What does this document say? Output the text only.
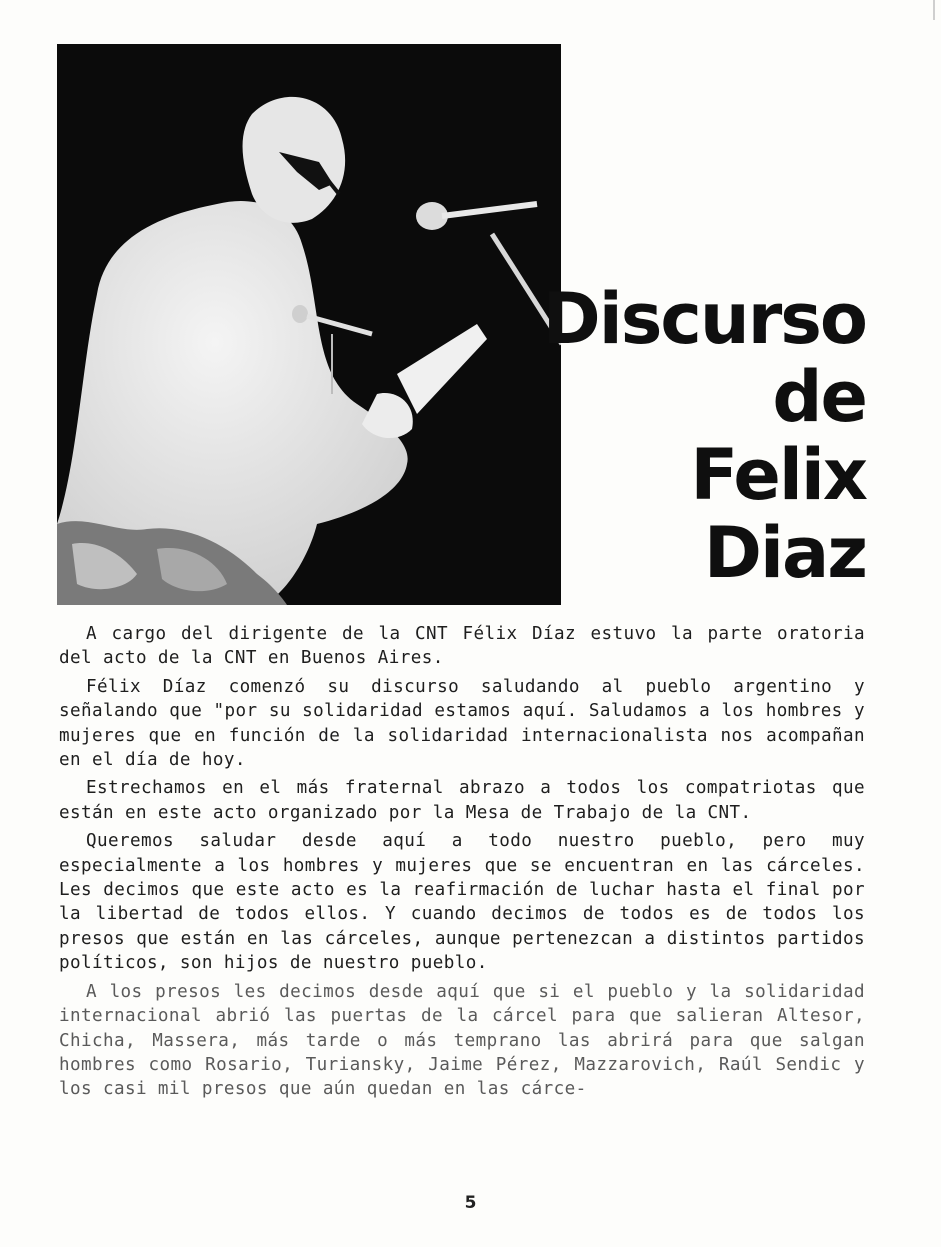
Discurso
de
Felix
Diaz

A cargo del dirigente de la CNT Félix Díaz estuvo la parte oratoria del acto de la CNT en Buenos Aires.

Félix Díaz comenzó su discurso saludando al pueblo argentino y señalando que "por su solidaridad estamos aquí. Saludamos a los hombres y mujeres que en función de la solidaridad internacionalista nos acompañan en el día de hoy.

Estrechamos en el más fraternal abrazo a todos los compatriotas que están en este acto organizado por la Mesa de Trabajo de la CNT.

Queremos saludar desde aquí a todo nuestro pueblo, pero muy especialmente a los hombres y mujeres que se encuentran en las cárceles. Les decimos que este acto es la reafirmación de luchar hasta el final por la libertad de todos ellos. Y cuando decimos de todos es de todos los presos que están en las cárceles, aunque pertenezcan a distintos partidos políticos, son hijos de nuestro pueblo.

A los presos les decimos desde aquí que si el pueblo y la solidaridad internacional abrió las puertas de la cárcel para que salieran Altesor, Chicha, Massera, más tarde o más temprano las abrirá para que salgan hombres como Rosario, Turiansky, Jaime Pérez, Mazzarovich, Raúl Sendic y los casi mil presos que aún quedan en las cárce-

5
